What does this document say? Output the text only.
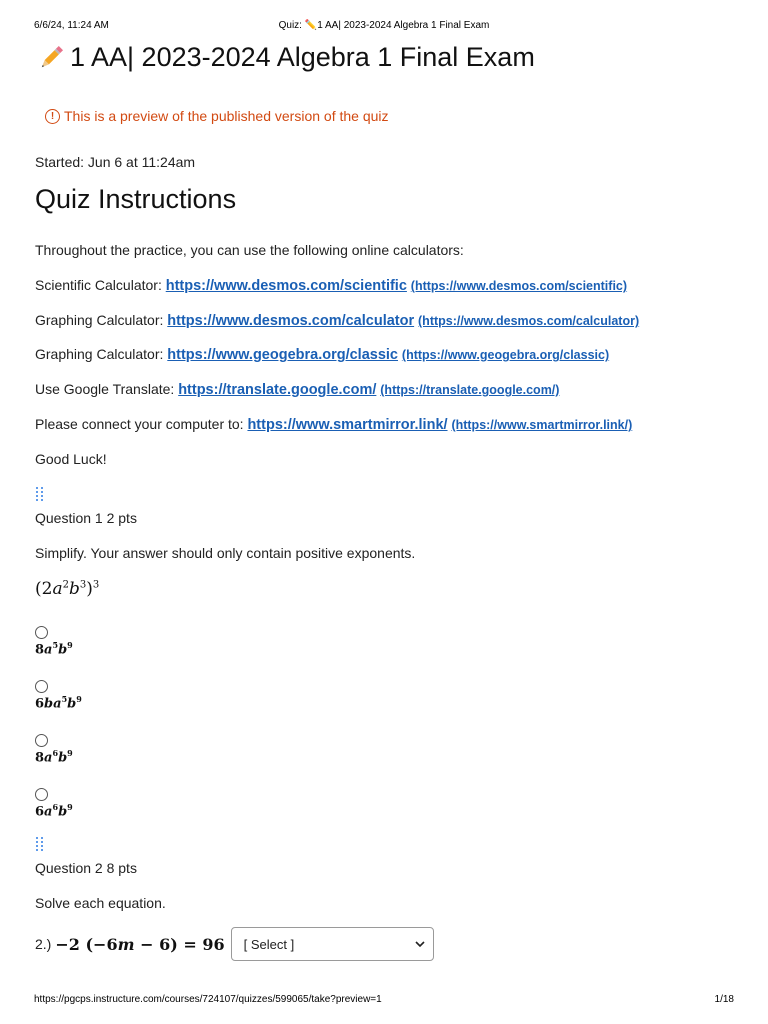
6/6/24, 11:24 AM	Quiz: ✏️1 AA| 2023-2024 Algebra 1 Final Exam
1 AA| 2023-2024 Algebra 1 Final Exam
! This is a preview of the published version of the quiz
Started: Jun 6 at 11:24am
Quiz Instructions
Throughout the practice, you can use the following online calculators:
Scientific Calculator: https://www.desmos.com/scientific (https://www.desmos.com/scientific)
Graphing Calculator: https://www.desmos.com/calculator (https://www.desmos.com/calculator)
Graphing Calculator: https://www.geogebra.org/classic (https://www.geogebra.org/classic)
Use Google Translate: https://translate.google.com/ (https://translate.google.com/)
Please connect your computer to: https://www.smartmirror.link/ (https://www.smartmirror.link/)
Good Luck!
Question 1 2 pts
Simplify. Your answer should only contain positive exponents.
$(2a^2b^3)^3$
$8a^5b^9$
$6ba^5b^9$
$8a^6b^9$
$6a^6b^9$
Question 2 8 pts
Solve each equation.
2.) −2 (−6m − 6) = 96 [ Select ]
https://pgcps.instructure.com/courses/724107/quizzes/599065/take?preview=1	1/18
